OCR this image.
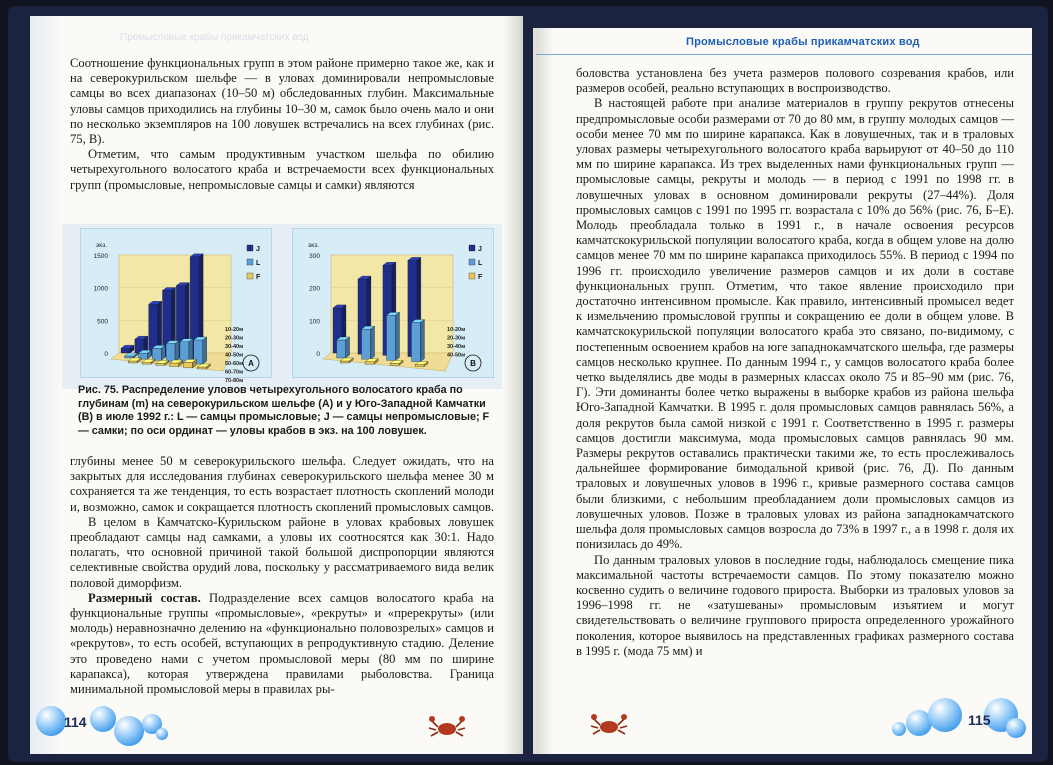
Промысловые крабы прикамчатских вод

Соотношение функциональных групп в этом районе примерно такое же, как и на северокурильском шельфе — в уловах доминировали непромысловые самцы во всех диапазонах (10–50 м) обследованных глубин. Максимальные уловы самцов приходились на глубины 10–30 м, самок было очень мало и они по несколько экземпляров на 100 ловушек встречались на всех глубинах (рис. 75, В).

Отметим, что самым продуктивным участком шельфа по обилию четырехугольного волосатого краба и встречаемости всех функциональных групп (промысловые, непромысловые самцы и самки) являются

1500
1000
500
0
экз.
10-20м
20-30м
30-40м
40-50м
50-60м
60-70м
70-80м
J
L
F
А
300
200
100
0
экз.
10-20м
20-30м
30-40м
40-50м
J
L
F
В
Рис. 75. Распределение уловов четырехугольного волосатого краба по глубинам (m) на северокурильском шельфе (А) и у Юго-Западной Камчатки (В) в июле 1992 г.: L — самцы промысловые; J — самцы непромысловые; F — самки; по оси ординат — уловы крабов в экз. на 100 ловушек.

глубины менее 50 м северокурильского шельфа. Следует ожидать, что на закрытых для исследования глубинах северокурильского шельфа менее 30 м сохраняется та же тенденция, то есть возрастает плотность скоплений молоди и, возможно, самок и сокращается плотность скоплений промысловых самцов.

В целом в Камчатско-Курильском районе в уловах крабовых ловушек преобладают самцы над самками, а уловы их соотносятся как 30:1. Надо полагать, что основной причиной такой большой диспропорции являются селективные свойства орудий лова, поскольку у рассматриваемого вида велик половой диморфизм.

Размерный состав. Подразделение всех самцов волосатого краба на функциональные группы «промысловые», «рекруты» и «пререкруты» (или молодь) неравнозначно делению на «функционально половозрелых» самцов и «рекрутов», то есть особей, вступающих в репродуктивную стадию. Деление это проведено нами с учетом промысловой меры (80 мм по ширине карапакса), которая утверждена правилами рыболовства. Граница минимальной промысловой меры в правилах ры-

114
Промысловые крабы прикамчатских вод

боловства установлена без учета размеров полового созревания крабов, или размеров особей, реально вступающих в воспроизводство.

В настоящей работе при анализе материалов в группу рекрутов отнесены предпромысловые особи размерами от 70 до 80 мм, в группу молодых самцов — особи менее 70 мм по ширине карапакса. Как в ловушечных, так и в траловых уловах размеры четырехугольного волосатого краба варьируют от 40–50 до 110 мм по ширине карапакса. Из трех выделенных нами функциональных групп — промысловые самцы, рекруты и молодь — в период с 1991 по 1998 гг. в ловушечных уловах в основном доминировали рекруты (27–44%). Доля промысловых самцов с 1991 по 1995 гг. возрастала с 10% до 56% (рис. 76, Б–Е). Молодь преобладала только в 1991 г., в начале освоения ресурсов камчатскокурильской популяции волосатого краба, когда в общем улове на долю самцов менее 70 мм по ширине карапакса приходилось 55%. В период с 1994 по 1996 гг. происходило увеличение размеров самцов и их доли в составе функциональных групп. Отметим, что такое явление происходило при достаточно интенсивном промысле. Как правило, интенсивный промысел ведет к измельчению промысловой группы и сокращению ее доли в общем улове. В камчатскокурильской популяции волосатого краба это связано, по-видимому, с постепенным освоением крабов на юге западнокамчатского шельфа, где размеры самцов несколько крупнее. По данным 1994 г., у самцов волосатого краба более четко выделялись две моды в размерных классах около 75 и 85–90 мм (рис. 76, Г). Эти доминанты более четко выражены в выборке крабов из района шельфа Юго-Западной Камчатки. В 1995 г. доля промысловых самцов равнялась 56%, а доля рекрутов была самой низкой с 1991 г. Соответственно в 1995 г. размеры самцов достигли максимума, мода промысловых самцов равнялась 90 мм. Размеры рекрутов оставались практически такими же, то есть прослеживалось дальнейшее формирование бимодальной кривой (рис. 76, Д). По данным траловых и ловушечных уловов в 1996 г., кривые размерного состава самцов были близкими, с небольшим преобладанием доли промысловых самцов из ловушечных уловов. Позже в траловых уловах из района западнокамчатского шельфа доля промысловых самцов возросла до 73% в 1997 г., а в 1998 г. доля их понизилась до 49%.

По данным траловых уловов в последние годы, наблюдалось смещение пика максимальной частоты встречаемости самцов. По этому показателю можно косвенно судить о величине годового прироста. Выборки из траловых уловов за 1996–1998 гг. не «затушеваны» промысловым изъятием и могут свидетельствовать о величине группового прироста определенного урожайного поколения, которое выявилось на представленных графиках размерного состава в 1995 г. (мода 75 мм) и

115
